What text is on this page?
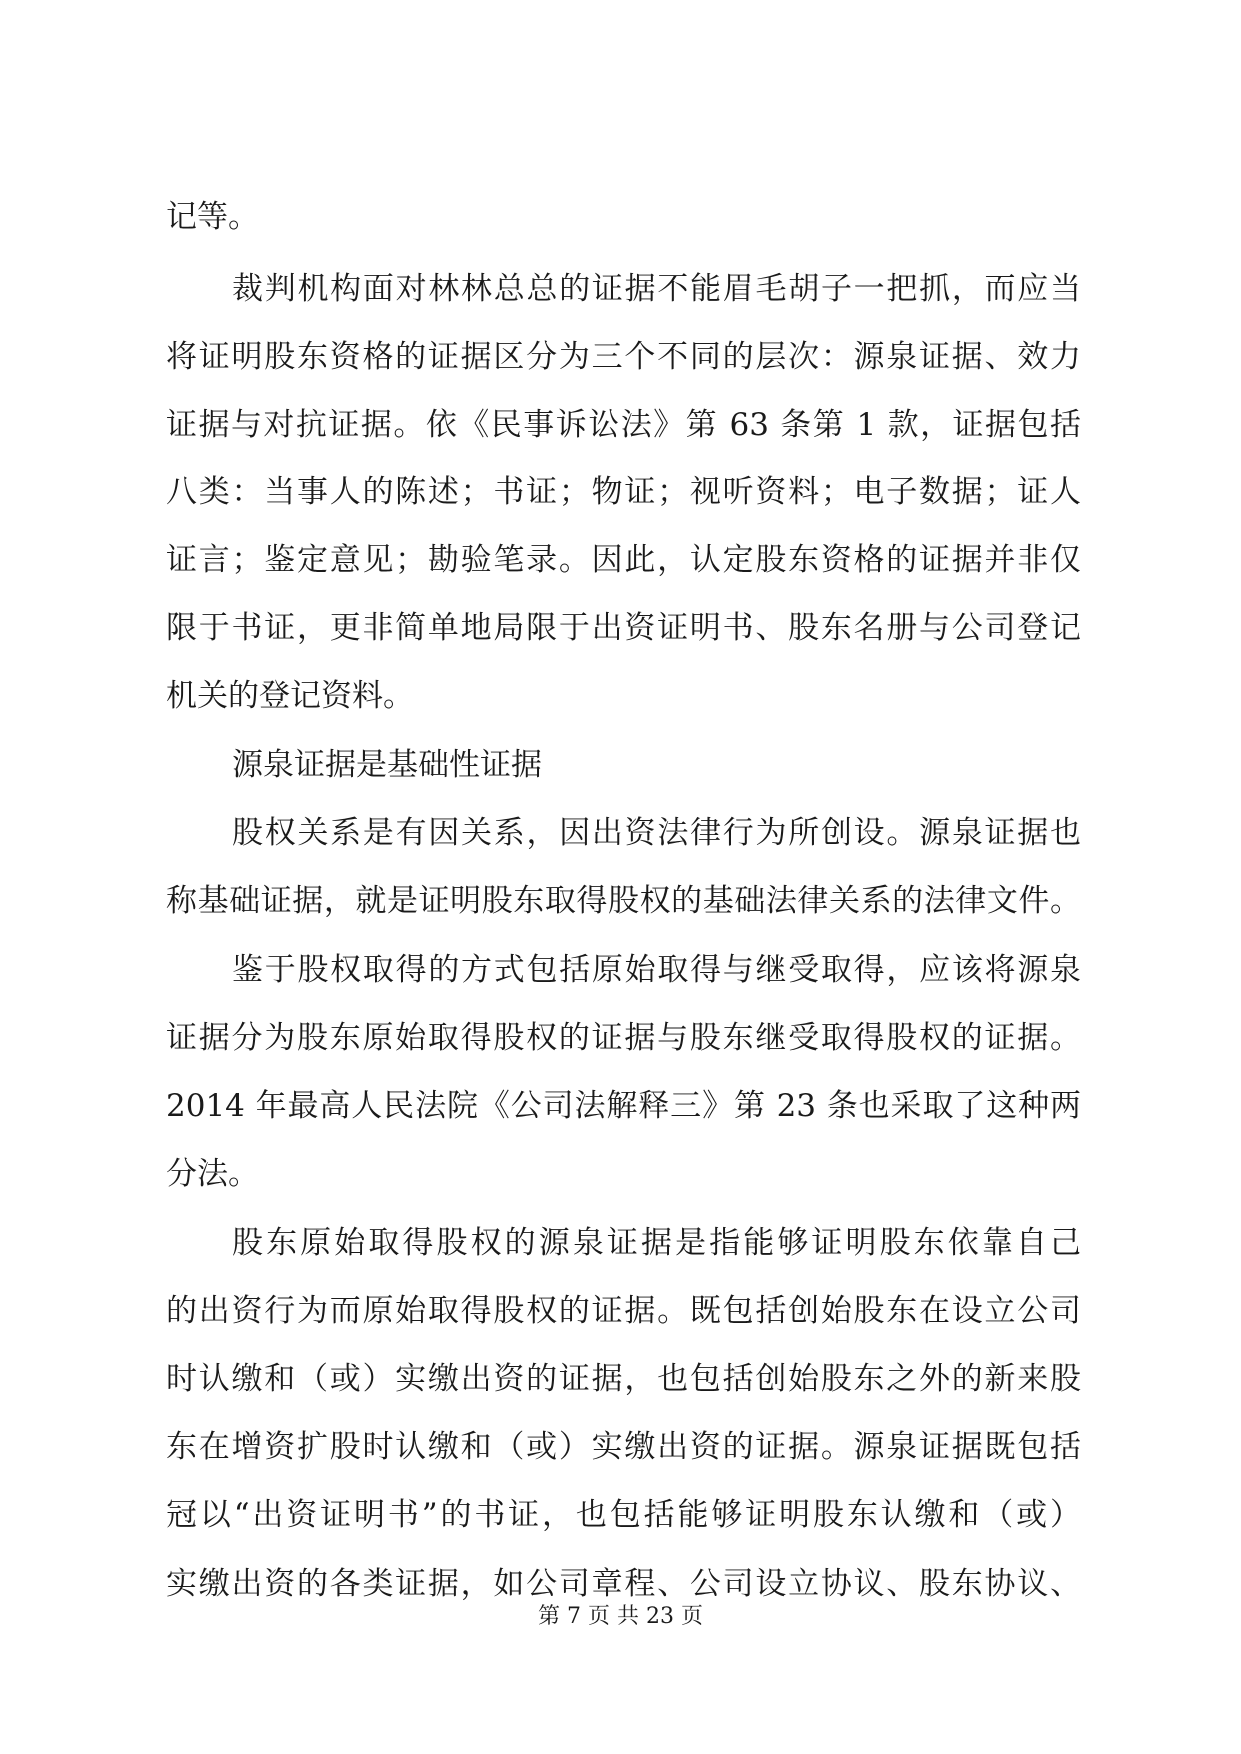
记等。
裁判机构面对林林总总的证据不能眉毛胡子一把抓，而应当
将证明股东资格的证据区分为三个不同的层次：源泉证据、效力
证据与对抗证据。依《民事诉讼法》第 63 条第 1 款，证据包括
八类：当事人的陈述；书证；物证；视听资料；电子数据；证人
证言；鉴定意见；勘验笔录。因此，认定股东资格的证据并非仅
限于书证，更非简单地局限于出资证明书、股东名册与公司登记
机关的登记资料。
源泉证据是基础性证据
股权关系是有因关系，因出资法律行为所创设。源泉证据也
称基础证据，就是证明股东取得股权的基础法律关系的法律文件。
鉴于股权取得的方式包括原始取得与继受取得，应该将源泉
证据分为股东原始取得股权的证据与股东继受取得股权的证据。
2014 年最高人民法院《公司法解释三》第 23 条也采取了这种两
分法。
股东原始取得股权的源泉证据是指能够证明股东依靠自己
的出资行为而原始取得股权的证据。既包括创始股东在设立公司
时认缴和（或）实缴出资的证据，也包括创始股东之外的新来股
东在增资扩股时认缴和（或）实缴出资的证据。源泉证据既包括
冠以“出资证明书”的书证，也包括能够证明股东认缴和（或）
实缴出资的各类证据，如公司章程、公司设立协议、股东协议、
第 7 页 共 23 页
